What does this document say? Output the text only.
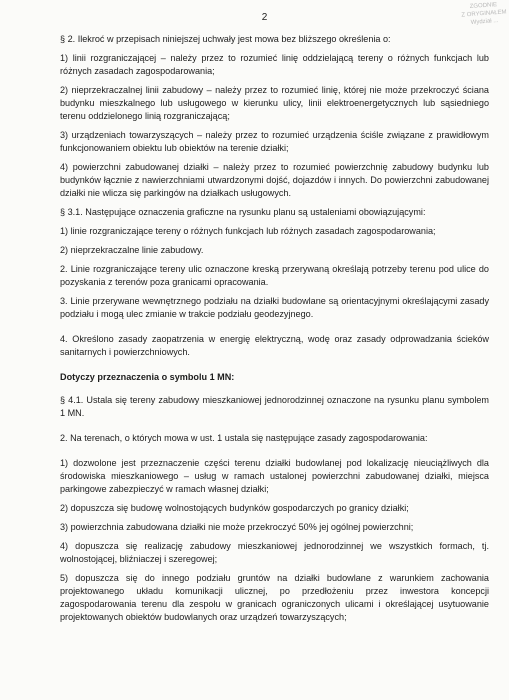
ZGODNIE
Z ORYGINAŁEM
Wydział ...
2

§ 2. Ilekroć w przepisach niniejszej uchwały jest mowa bez bliższego określenia o:

1) linii rozgraniczającej – należy przez to rozumieć linię oddzielającą tereny o różnych funkcjach lub różnych zasadach zagospodarowania;

2) nieprzekraczalnej linii zabudowy – należy przez to rozumieć linię, której nie może przekroczyć ściana budynku mieszkalnego lub usługowego w kierunku ulicy, linii elektroenergetycznych lub sąsiedniego terenu oddzielonego linią rozgraniczającą;

3) urządzeniach towarzyszących – należy przez to rozumieć urządzenia ściśle związane z prawidłowym funkcjonowaniem obiektu lub obiektów na terenie działki;

4) powierzchni zabudowanej działki – należy przez to rozumieć powierzchnię zabudowy budynku lub budynków łącznie z nawierzchniami utwardzonymi dojść, dojazdów i innych. Do powierzchni zabudowanej działki nie wlicza się parkingów na działkach usługowych.

§ 3.1. Następujące oznaczenia graficzne na rysunku planu są ustaleniami obowiązującymi:

1) linie rozgraniczające tereny o różnych funkcjach lub różnych zasadach zagospodarowania;

2) nieprzekraczalne linie zabudowy.

2. Linie rozgraniczające tereny ulic oznaczone kreską przerywaną określają potrzeby terenu pod ulice do pozyskania z terenów poza granicami opracowania.

3. Linie przerywane wewnętrznego podziału na działki budowlane są orientacyjnymi określającymi zasady podziału i mogą ulec zmianie w trakcie podziału geodezyjnego.

4. Określono zasady zaopatrzenia w energię elektryczną, wodę oraz zasady odprowadzania ścieków sanitarnych i powierzchniowych.

Dotyczy przeznaczenia o symbolu 1 MN:

§ 4.1. Ustala się tereny zabudowy mieszkaniowej jednorodzinnej oznaczone na rysunku planu symbolem 1 MN.

2. Na terenach, o których mowa w ust. 1 ustala się następujące zasady zagospodarowania:

1) dozwolone jest przeznaczenie części terenu działki budowlanej pod lokalizację nieuciążliwych dla środowiska mieszkaniowego – usług w ramach ustalonej powierzchni zabudowanej działki, miejsca parkingowe zabezpieczyć w ramach własnej działki;

2) dopuszcza się budowę wolnostojących budynków gospodarczych po granicy działki;

3) powierzchnia zabudowana działki nie może przekroczyć 50% jej ogólnej powierzchni;

4) dopuszcza się realizację zabudowy mieszkaniowej jednorodzinnej we wszystkich formach, tj. wolnostojącej, bliźniaczej i szeregowej;

5) dopuszcza się do innego podziału gruntów na działki budowlane z warunkiem zachowania projektowanego układu komunikacji ulicznej, po przedłożeniu przez inwestora koncepcji zagospodarowania terenu dla zespołu w granicach ograniczonych ulicami i określającej usytuowanie projektowanych obiektów budowlanych oraz urządzeń towarzyszących;
